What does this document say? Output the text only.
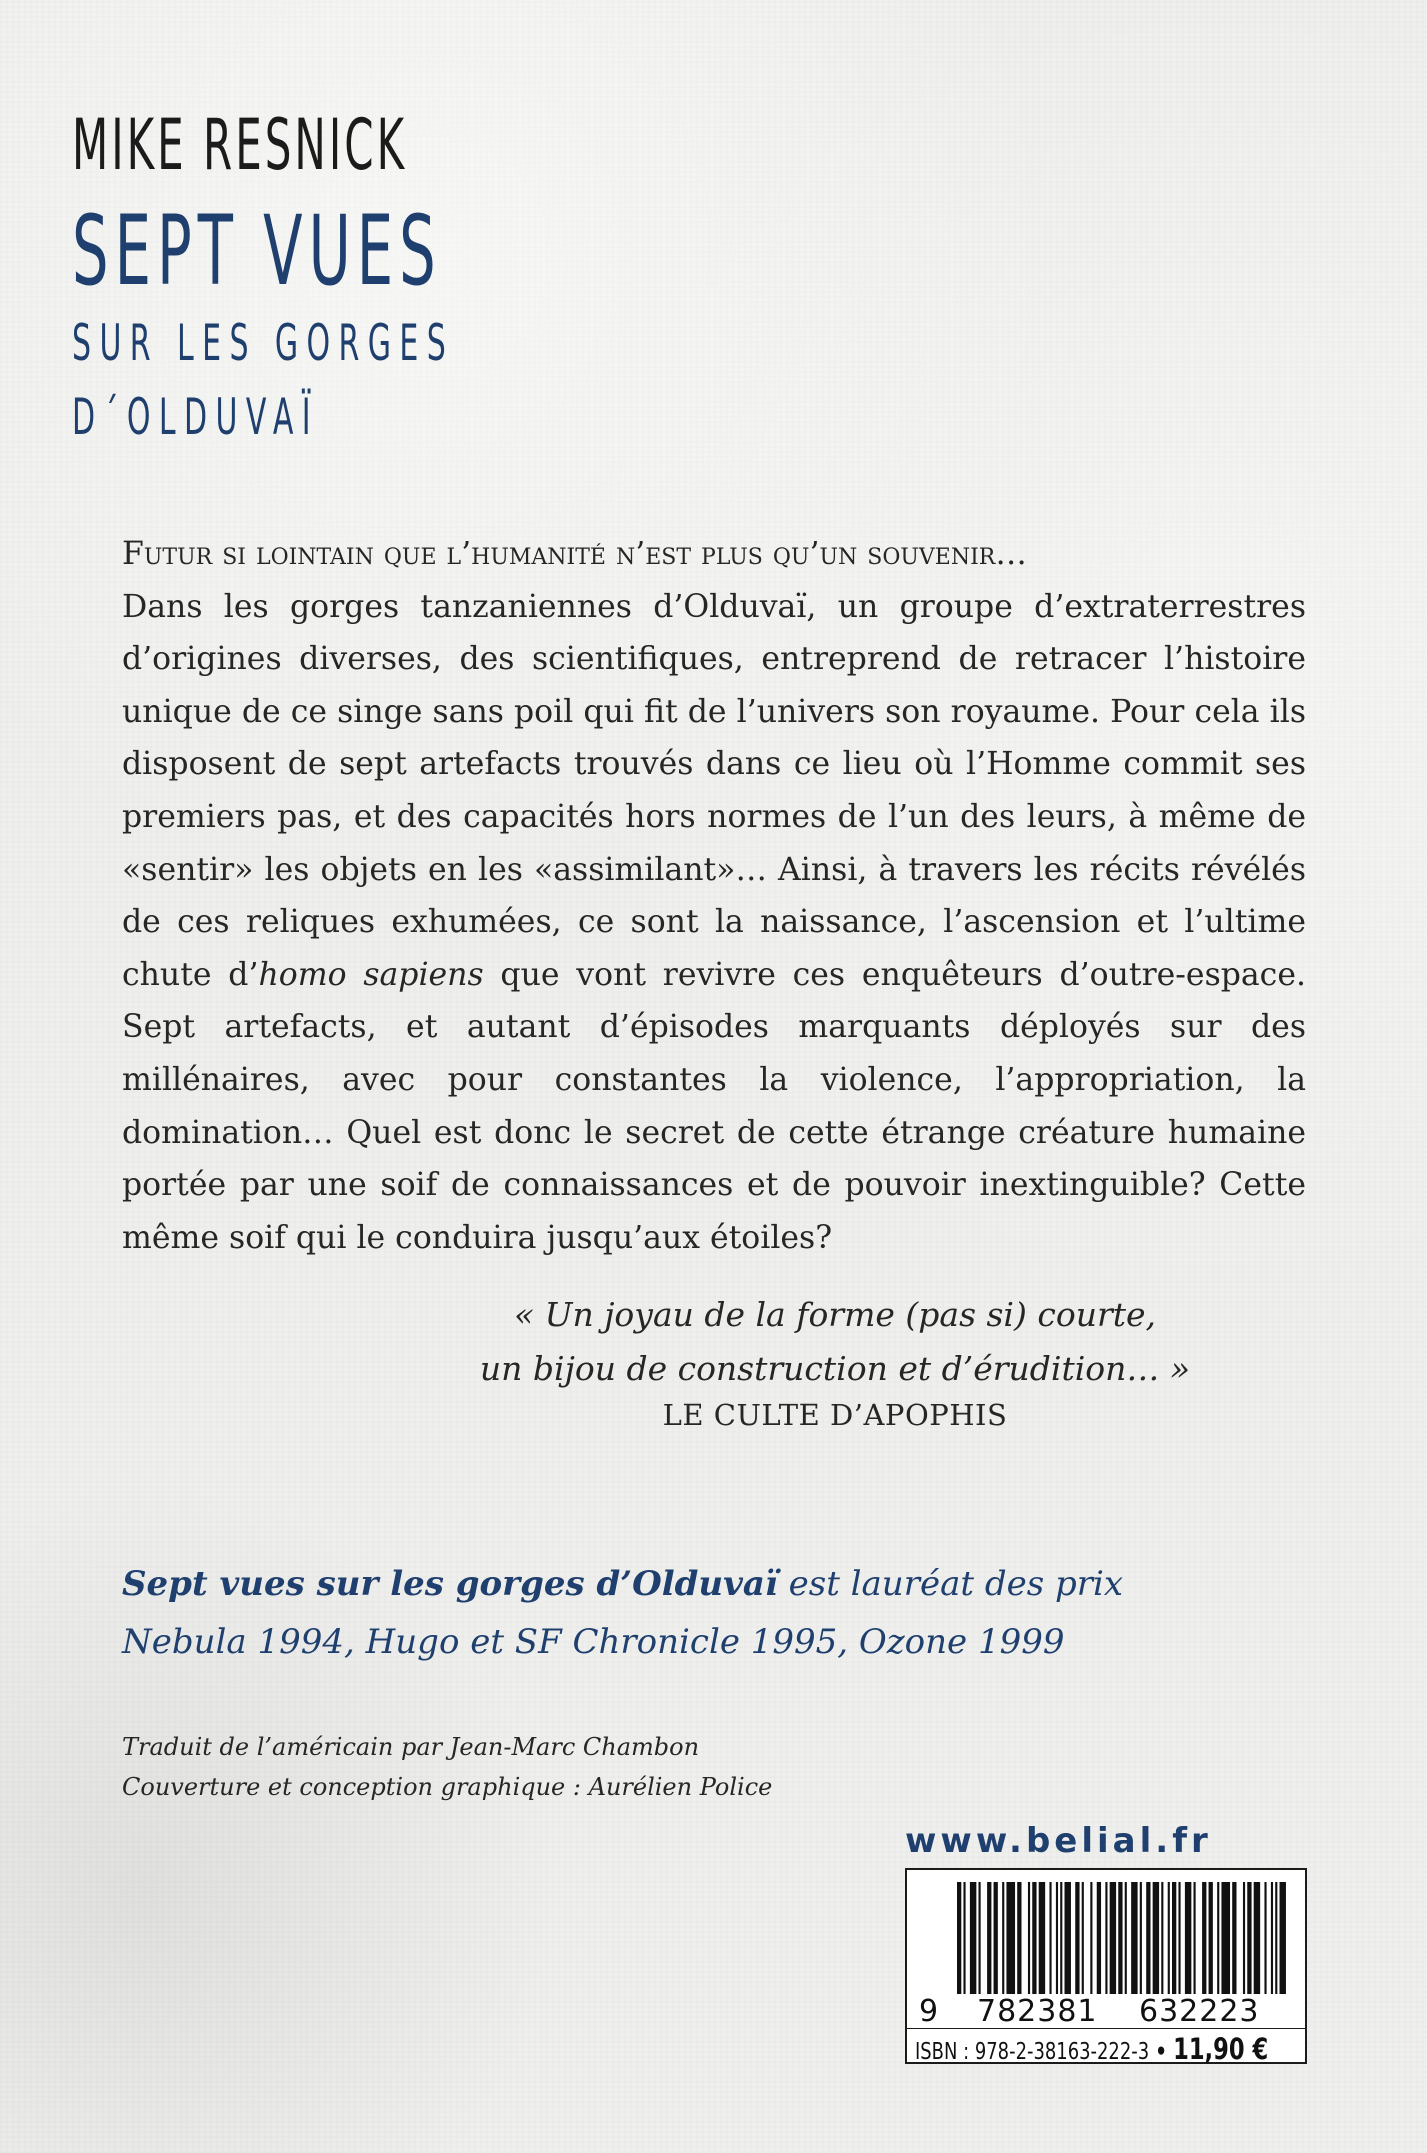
MIKE RESNICK
SEPT VUES
SUR LES GORGES
D´OLDUVAÏ

Futur si lointain que l’humanité n’est plus qu’un souvenir…

Dans les gorges tanzaniennes d’Olduvaï, un groupe d’extraterrestres d’origines diverses, des scientifiques, entreprend de retracer l’histoire unique de ce singe sans poil qui fit de l’univers son royaume. Pour cela ils disposent de sept artefacts trouvés dans ce lieu où l’Homme commit ses premiers pas, et des capacités hors normes de l’un des leurs, à même de «sentir» les objets en les «assimilant»… Ainsi, à travers les récits révélés de ces reliques exhumées, ce sont la naissance, l’ascension et l’ultime chute d’homo sapiens que vont revivre ces enquêteurs d’outre-espace. Sept artefacts, et autant d’épisodes marquants déployés sur des millénaires, avec pour constantes la violence, l’appropriation, la domination… Quel est donc le secret de cette étrange créature humaine portée par une soif de connaissances et de pouvoir inextinguible? Cette même soif qui le conduira jusqu’aux étoiles?

« Un joyau de la forme (pas si) courte,
un bijou de construction et d’érudition… »
LE CULTE D’APOPHIS
Sept vues sur les gorges d’Olduvaï est lauréat des prix
Nebula 1994, Hugo et SF Chronicle 1995, Ozone 1999
Traduit de l’américain par Jean-Marc Chambon
Couverture et conception graphique : Aurélien Police
www.belial.fr
9 782381 632223
ISBN : 978-2-38163-222-3 • 11,90 €
